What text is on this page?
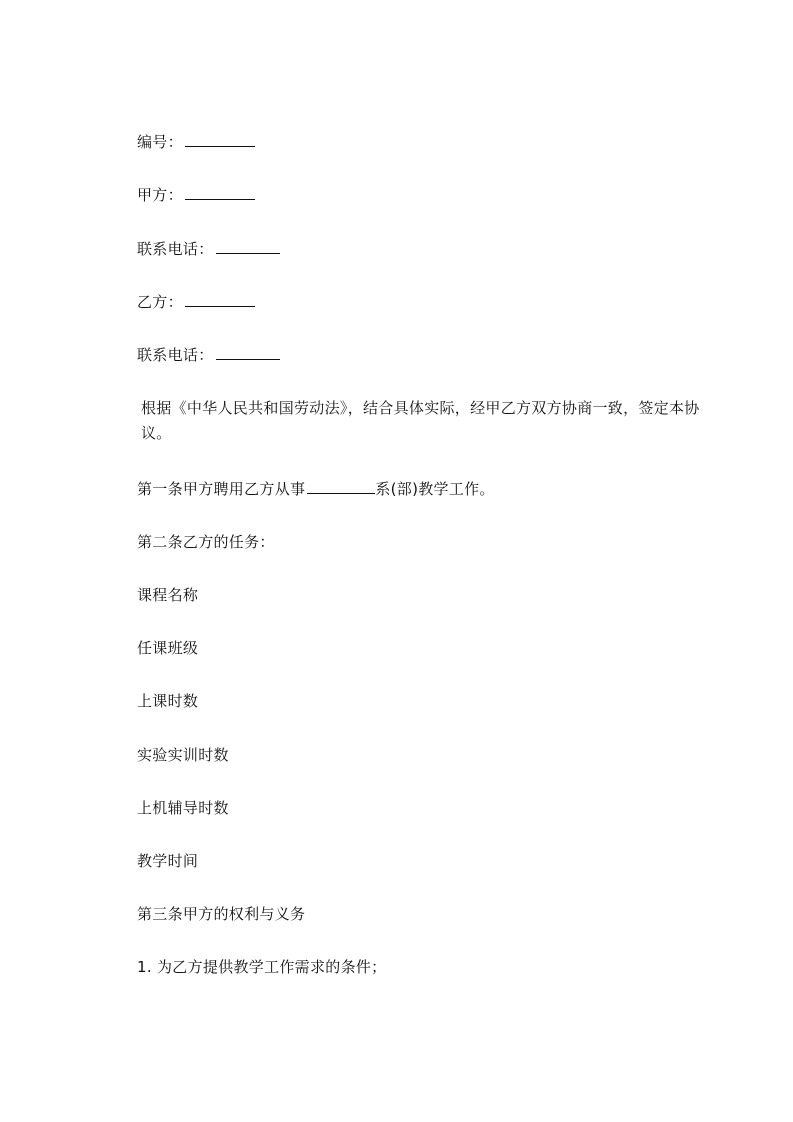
编号：
甲方：
联系电话：
乙方：
联系电话：
根据《中华人民共和国劳动法》，结合具体实际，经甲乙方双方协商一致，签定本协议。
第一条甲方聘用乙方从事	系(部)教学工作。
第二条乙方的任务：
课程名称
任课班级
上课时数
实验实训时数
上机辅导时数
教学时间
第三条甲方的权利与义务
1. 为乙方提供教学工作需求的条件；
